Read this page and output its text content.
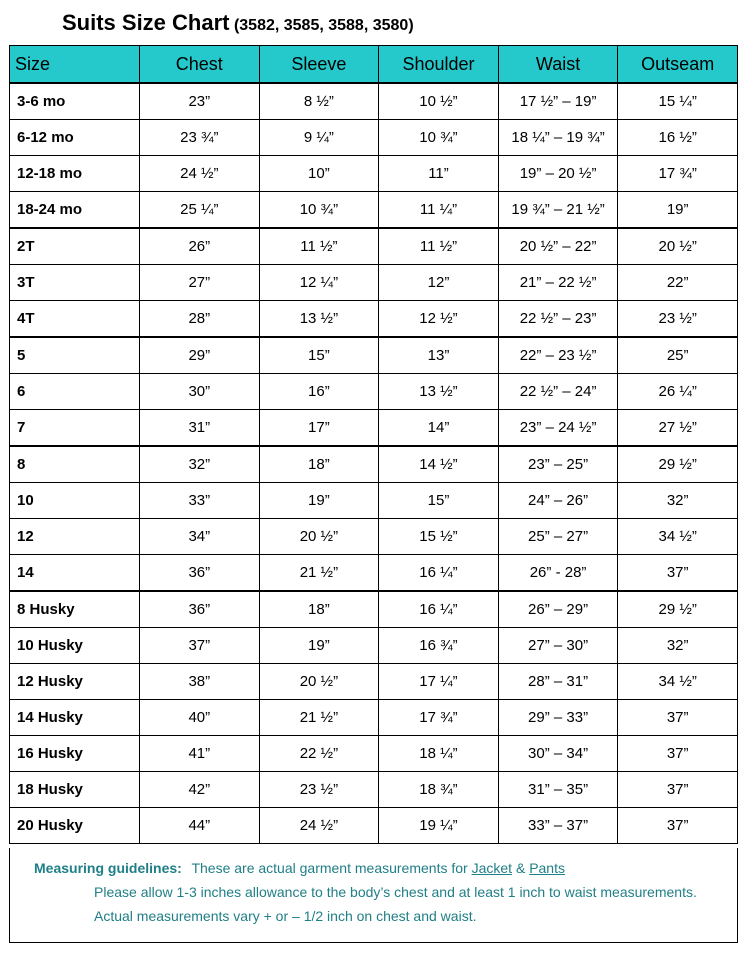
Suits Size Chart (3582, 3585, 3588, 3580)
Size	Chest	Sleeve	Shoulder	Waist	Outseam
3-6 mo	23”	8 ½”	10 ½”	17 ½” – 19”	15 ¼”
6-12 mo	23 ¾”	9 ¼”	10 ¾”	18 ¼” – 19 ¾”	16 ½”
12-18 mo	24 ½”	10”	11”	19” – 20 ½”	17 ¾”
18-24 mo	25 ¼”	10 ¾”	11 ¼”	19 ¾” – 21 ½”	19”
2T	26”	11 ½”	11 ½”	20 ½” – 22”	20 ½”
3T	27”	12 ¼”	12”	21” – 22 ½”	22”
4T	28”	13 ½”	12 ½”	22 ½” – 23”	23 ½”
5	29”	15”	13”	22” – 23 ½”	25”
6	30”	16”	13 ½”	22 ½” – 24”	26 ¼”
7	31”	17”	14”	23” – 24 ½”	27 ½”
8	32”	18”	14 ½”	23” – 25”	29 ½”
10	33”	19”	15”	24” – 26”	32”
12	34”	20 ½”	15 ½”	25” – 27”	34 ½”
14	36”	21 ½”	16 ¼”	26” - 28”	37”
8 Husky	36”	18”	16 ¼”	26” – 29”	29 ½”
10 Husky	37”	19”	16 ¾”	27” – 30”	32”
12 Husky	38”	20 ½”	17 ¼”	28” – 31”	34 ½”
14 Husky	40”	21 ½”	17 ¾”	29” – 33”	37”
16 Husky	41”	22 ½”	18 ¼”	30” – 34”	37”
18 Husky	42”	23 ½”	18 ¾”	31” – 35”	37”
20 Husky	44”	24 ½”	19 ¼”	33” – 37”	37”
Measuring guidelines: These are actual garment measurements for Jacket & Pants
Please allow 1-3 inches allowance to the body’s chest and at least 1 inch to waist measurements.
Actual measurements vary + or – 1/2 inch on chest and waist.
